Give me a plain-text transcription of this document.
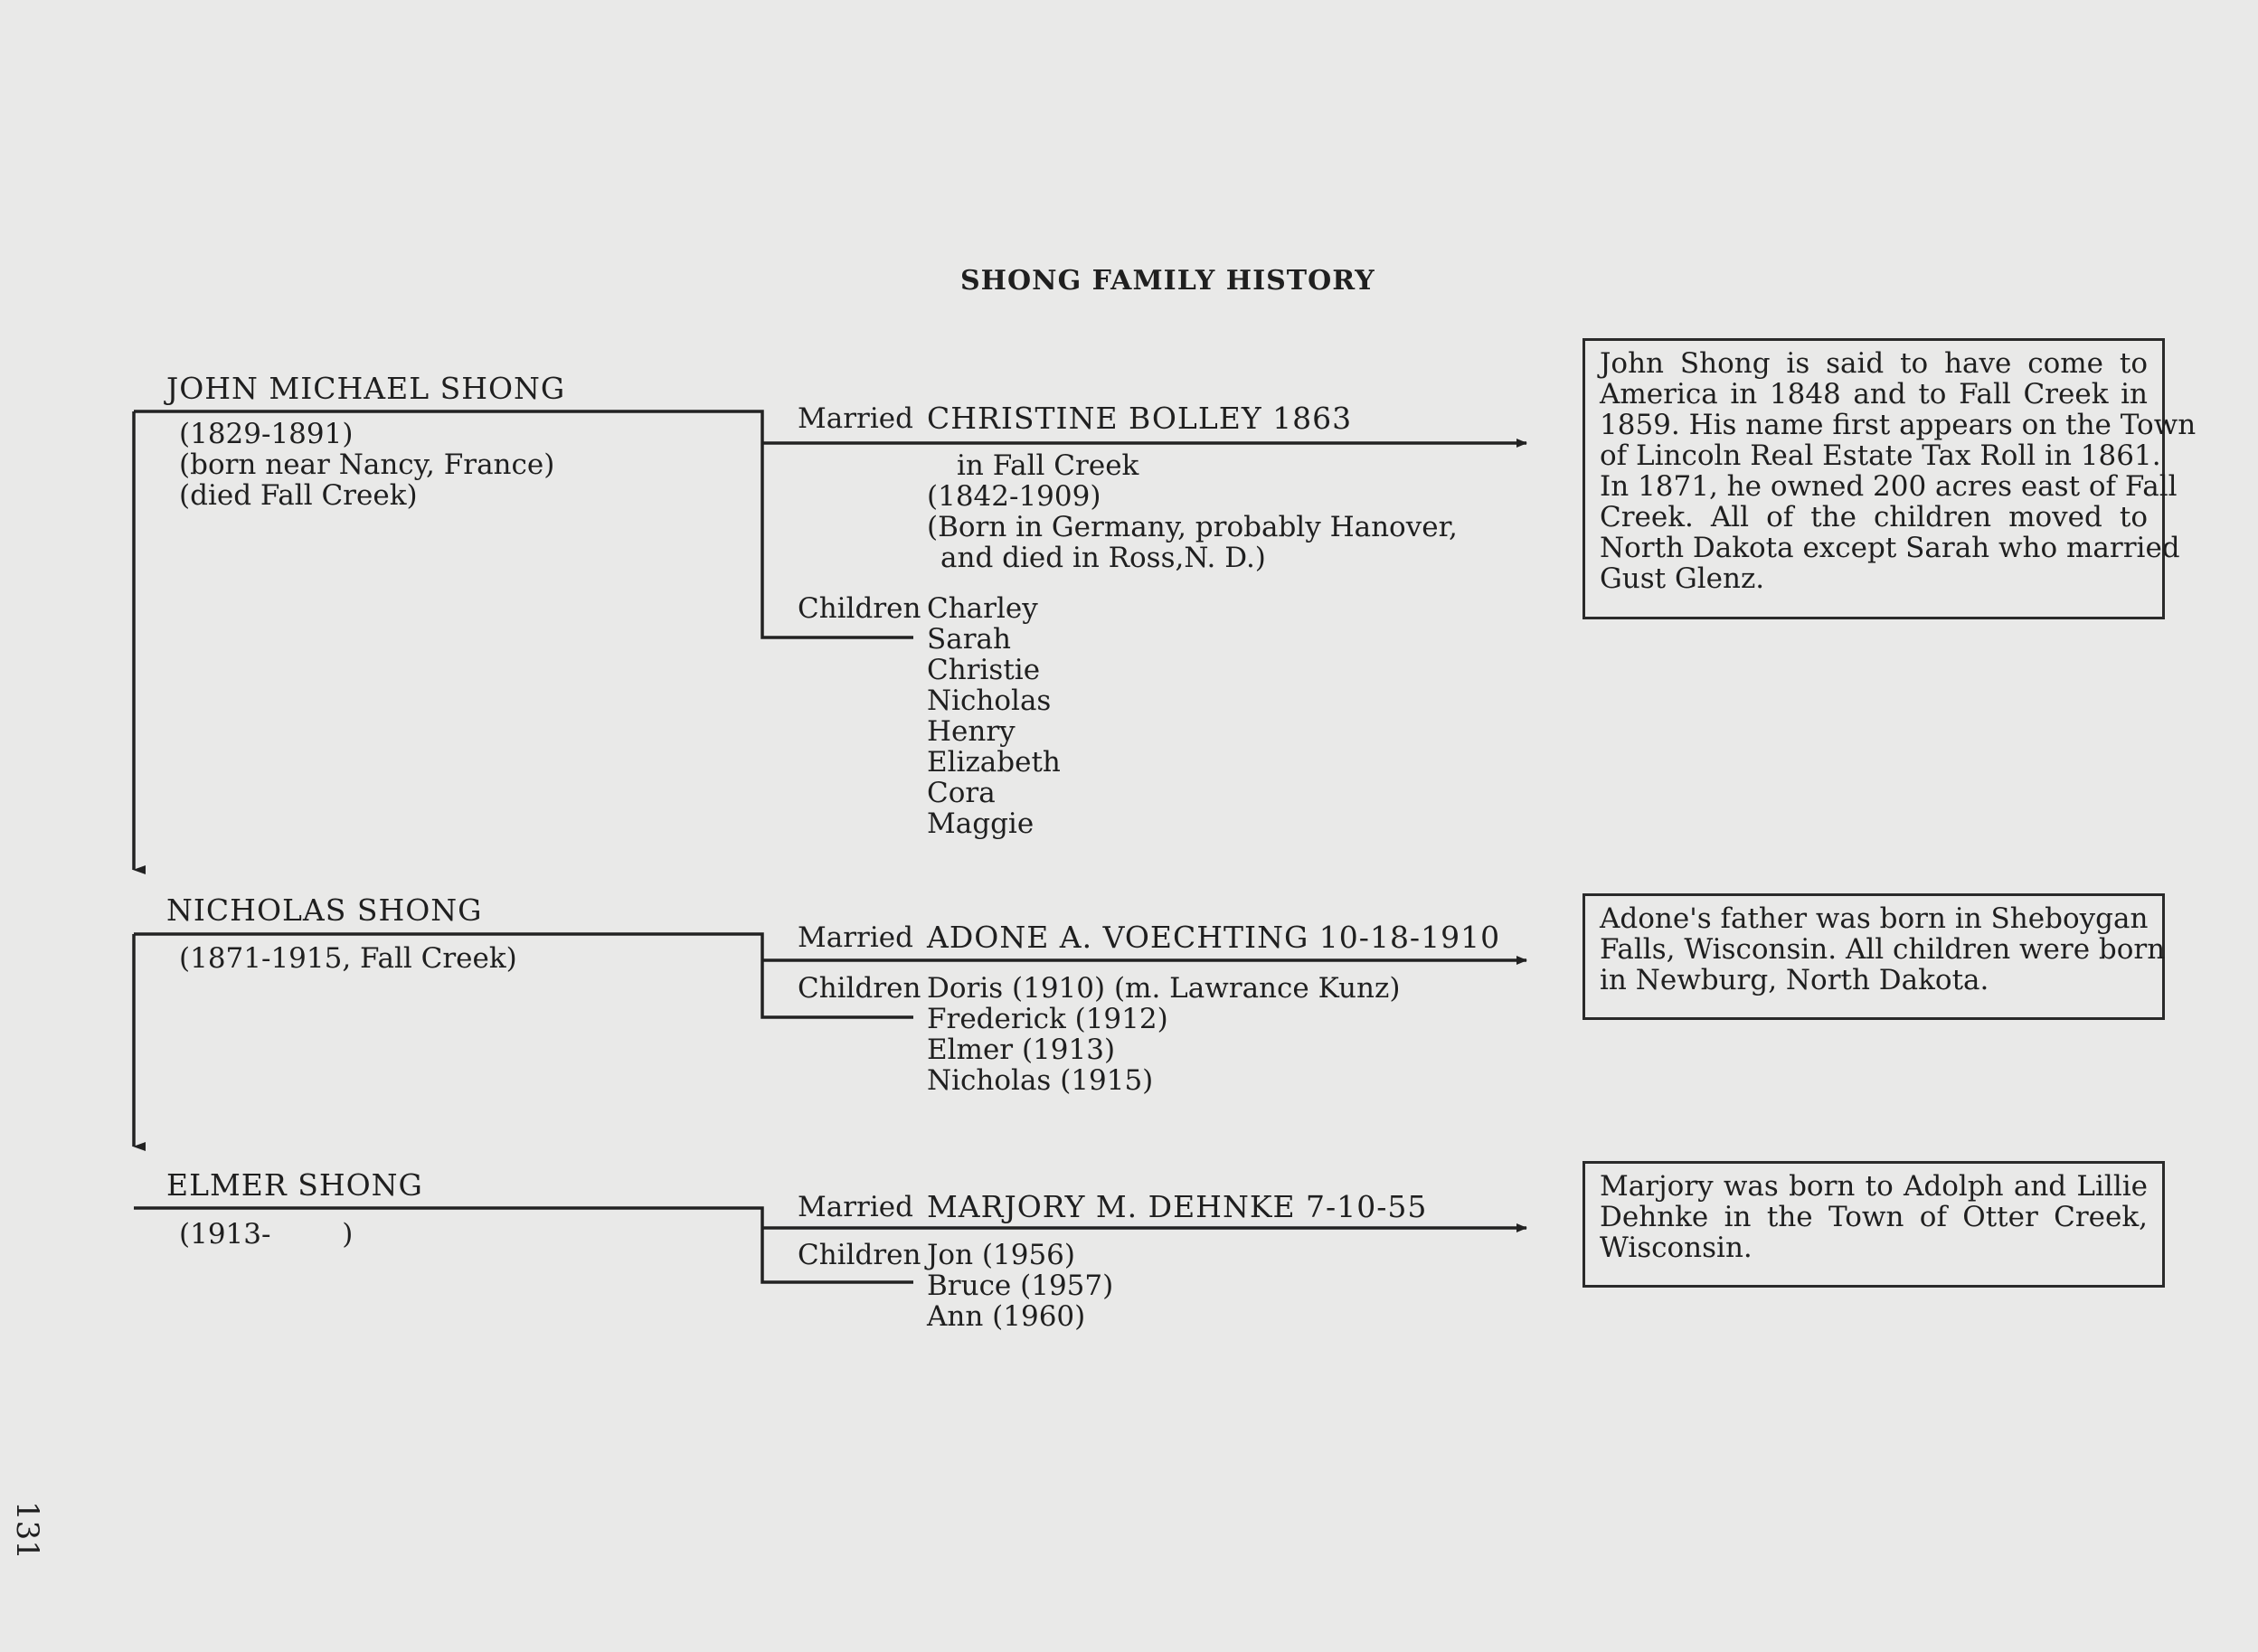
SHONG FAMILY HISTORY
JOHN MICHAEL SHONG
(1829-1891)
(born near Nancy, France)
(died Fall Creek)
Married CHRISTINE BOLLEY 1863
in Fall Creek
(1842-1909)
(Born in Germany, probably Hanover,
and died in Ross,N. D.)
Children Charley
Sarah
Christie
Nicholas
Henry
Elizabeth
Cora
Maggie
John Shong is said to have come to
America in 1848 and to Fall Creek in
1859. His name first appears on the Town
of Lincoln Real Estate Tax Roll in 1861.
In 1871, he owned 200 acres east of Fall
Creek. All of the children moved to
North Dakota except Sarah who married
Gust Glenz.
NICHOLAS SHONG
(1871-1915, Fall Creek)
Married ADONE A. VOECHTING 10-18-1910
Children Doris (1910) (m. Lawrance Kunz)
Frederick (1912)
Elmer (1913)
Nicholas (1915)
Adone's father was born in Sheboygan
Falls, Wisconsin. All children were born
in Newburg, North Dakota.
ELMER SHONG
(1913-        )
Married MARJORY M. DEHNKE 7-10-55
Children Jon (1956)
Bruce (1957)
Ann (1960)
Marjory was born to Adolph and Lillie
Dehnke in the Town of Otter Creek,
Wisconsin.
131
